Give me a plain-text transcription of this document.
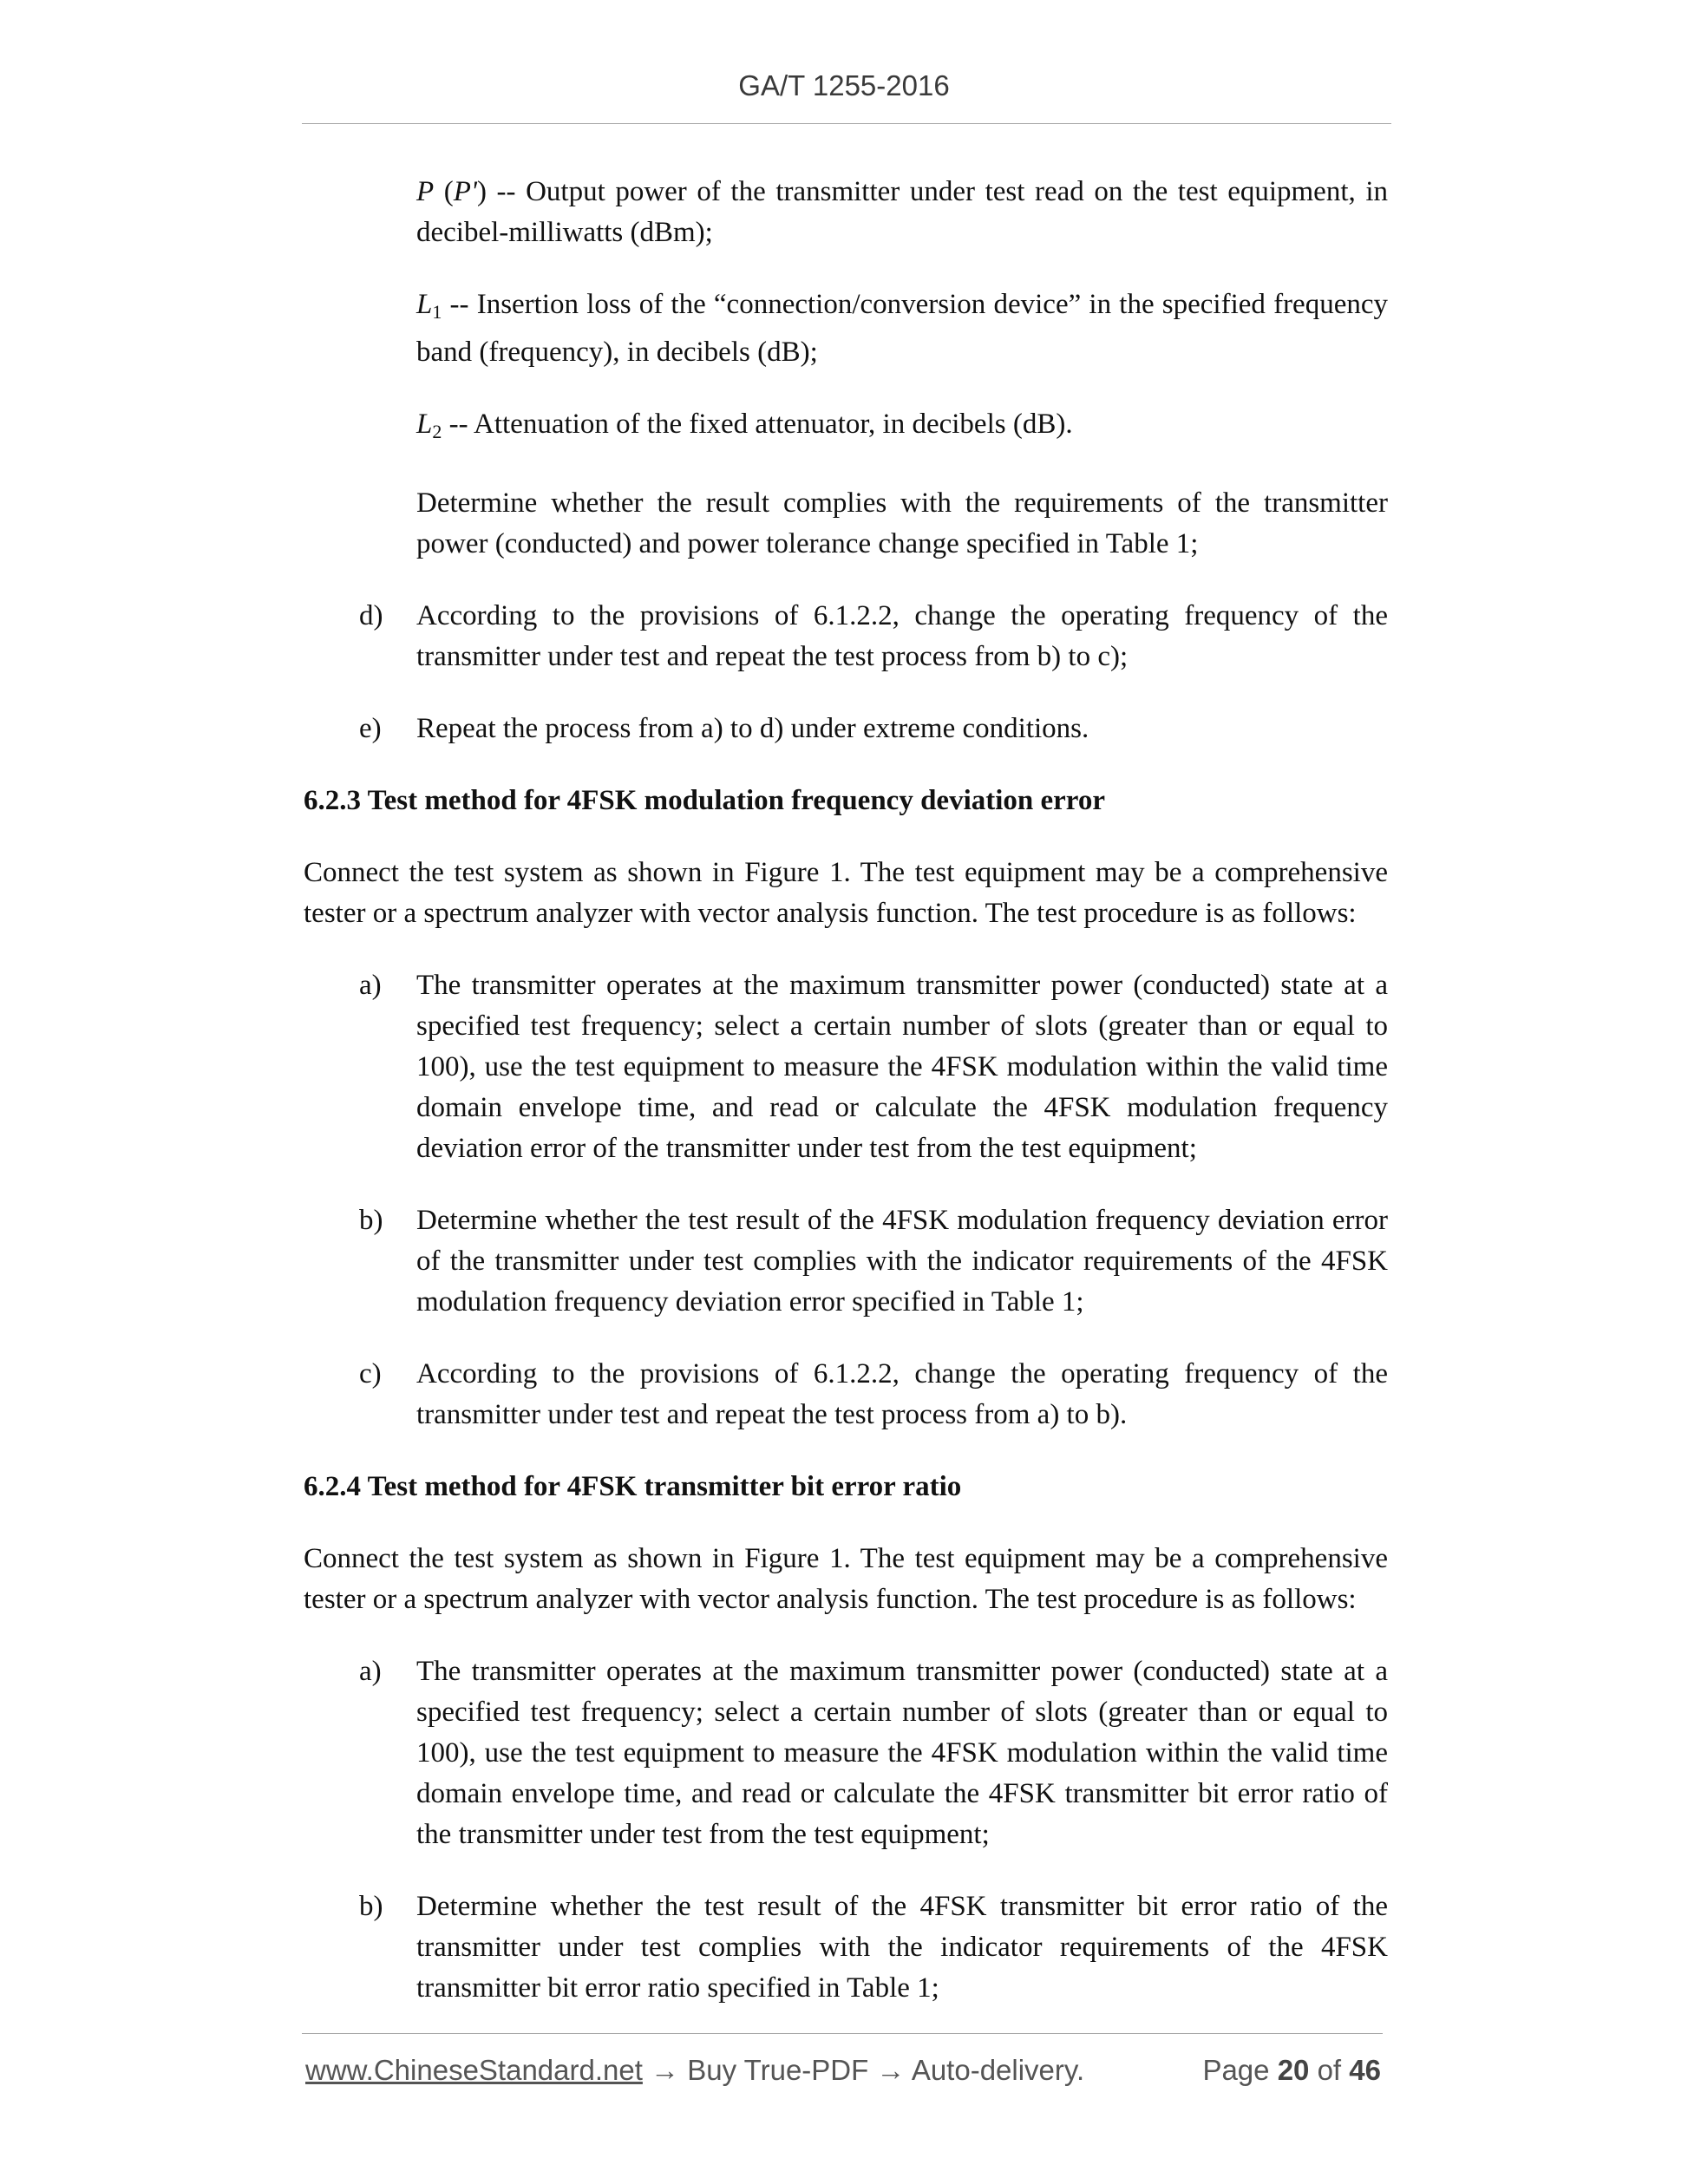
GA/T 1255-2016

P (P') -- Output power of the transmitter under test read on the test equipment, in decibel-milliwatts (dBm);

$L_1$ -- Insertion loss of the “connection/conversion device” in the specified frequency band (frequency), in decibels (dB);

$L_2$ -- Attenuation of the fixed attenuator, in decibels (dB).

Determine whether the result complies with the requirements of the transmitter power (conducted) and power tolerance change specified in Table 1;

d) According to the provisions of 6.1.2.2, change the operating frequency of the transmitter under test and repeat the test process from b) to c);
e) Repeat the process from a) to d) under extreme conditions.

6.2.3 Test method for 4FSK modulation frequency deviation error

Connect the test system as shown in Figure 1. The test equipment may be a comprehensive tester or a spectrum analyzer with vector analysis function. The test procedure is as follows:

a) The transmitter operates at the maximum transmitter power (conducted) state at a specified test frequency; select a certain number of slots (greater than or equal to 100), use the test equipment to measure the 4FSK modulation within the valid time domain envelope time, and read or calculate the 4FSK modulation frequency deviation error of the transmitter under test from the test equipment;
b) Determine whether the test result of the 4FSK modulation frequency deviation error of the transmitter under test complies with the indicator requirements of the 4FSK modulation frequency deviation error specified in Table 1;
c) According to the provisions of 6.1.2.2, change the operating frequency of the transmitter under test and repeat the test process from a) to b).

6.2.4 Test method for 4FSK transmitter bit error ratio

Connect the test system as shown in Figure 1. The test equipment may be a comprehensive tester or a spectrum analyzer with vector analysis function. The test procedure is as follows:

a) The transmitter operates at the maximum transmitter power (conducted) state at a specified test frequency; select a certain number of slots (greater than or equal to 100), use the test equipment to measure the 4FSK modulation within the valid time domain envelope time, and read or calculate the 4FSK transmitter bit error ratio of the transmitter under test from the test equipment;
b) Determine whether the test result of the 4FSK transmitter bit error ratio of the transmitter under test complies with the indicator requirements of the 4FSK transmitter bit error ratio specified in Table 1;
www.ChineseStandard.net → Buy True-PDF → Auto-delivery.	Page 20 of 46
